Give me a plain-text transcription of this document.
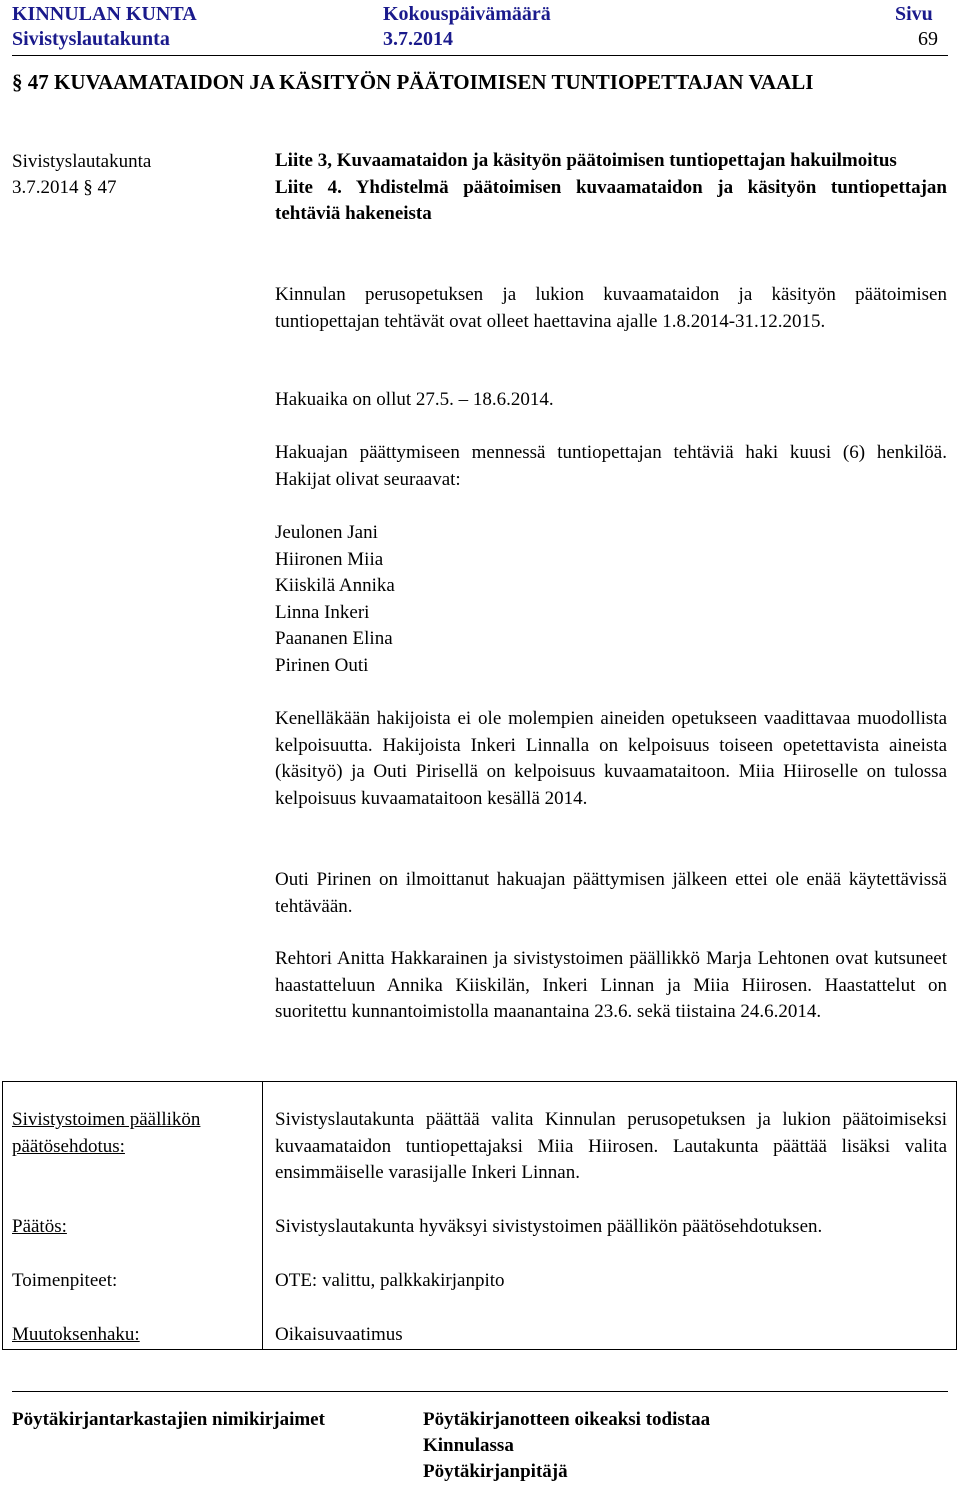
KINNULAN KUNTA
Sivistyslautakunta
Kokouspäivämäärä
3.7.2014
Sivu
69
§ 47 KUVAAMATAIDON JA KÄSITYÖN PÄÄTOIMISEN TUNTIOPETTAJAN VAALI
Sivistyslautakunta
3.7.2014 § 47

Liite 3, Kuvaamataidon ja käsityön päätoimisen tuntiopettajan hakuilmoitus

Liite 4. Yhdistelmä päätoimisen kuvaamataidon ja käsityön tuntiopettajan tehtäviä hakeneista

Kinnulan perusopetuksen ja lukion kuvaamataidon ja käsityön päätoimisen tuntiopettajan tehtävät ovat olleet haettavina ajalle 1.8.2014-31.12.2015.

Hakuaika on ollut 27.5. – 18.6.2014.

Hakuajan päättymiseen mennessä tuntiopettajan tehtäviä haki kuusi (6) henkilöä. Hakijat olivat seuraavat:

Jeulonen Jani
Hiironen Miia
Kiiskilä Annika
Linna Inkeri
Paananen Elina
Pirinen Outi

Kenelläkään hakijoista ei ole molempien aineiden opetukseen vaadittavaa muodollista kelpoisuutta. Hakijoista Inkeri Linnalla on kelpoisuus toiseen opetettavista aineista (käsityö) ja Outi Pirisellä on kelpoisuus kuvaamataitoon. Miia Hiiroselle on tulossa kelpoisuus kuvaamataitoon kesällä 2014.

Outi Pirinen on ilmoittanut hakuajan päättymisen jälkeen ettei ole enää käytettävissä tehtävään.

Rehtori Anitta Hakkarainen ja sivistystoimen päällikkö Marja Lehtonen ovat kutsuneet haastatteluun Annika Kiiskilän, Inkeri Linnan ja Miia Hiirosen. Haastattelut on suoritettu kunnantoimistolla maanantaina 23.6. sekä tiistaina 24.6.2014.

Sivistystoimen päällikön
päätösehdotus:

Sivistyslautakunta päättää valita Kinnulan perusopetuksen ja lukion päätoimiseksi kuvaamataidon tuntiopettajaksi Miia Hiirosen. Lautakunta päättää lisäksi valita ensimmäiselle varasijalle Inkeri Linnan.

Päätös:	Sivistyslautakunta hyväksyi sivistystoimen päällikön päätösehdotuksen.
Toimenpiteet:	OTE: valittu, palkkakirjanpito
Muutoksenhaku:	Oikaisuvaatimus
Pöytäkirjantarkastajien nimikirjaimet	Pöytäkirjanotteen oikeaksi todistaa
Kinnulassa
Pöytäkirjanpitäjä
